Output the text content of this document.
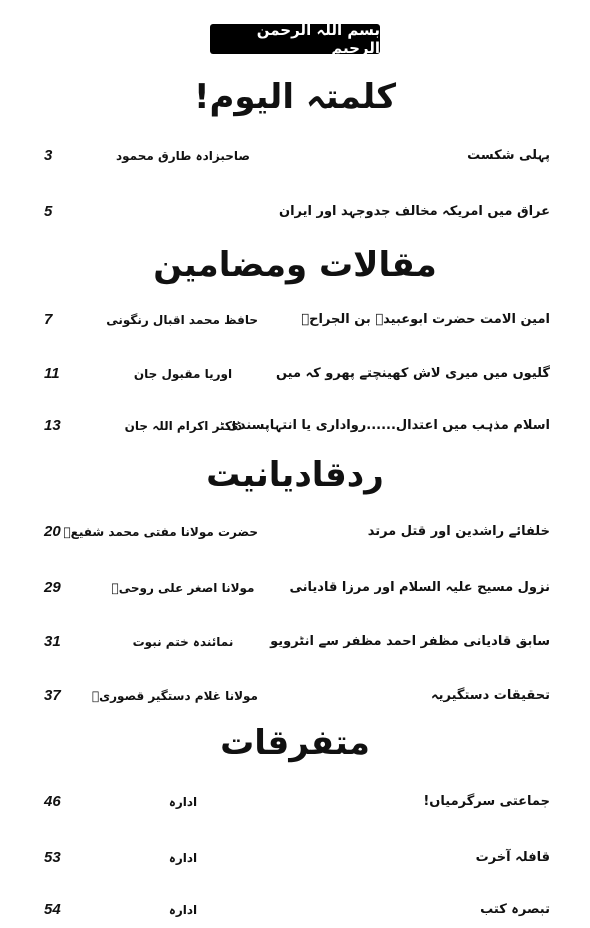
بسم اللہ الرحمن الرحیم
کلمتہ الیوم!
پہلی شکست
صاحبزادہ طارق محمود
3
عراق میں امریکہ مخالف جدوجہد اور ایران
5
مقالات ومضامین
امین الامت حضرت ابوعبیدہ بن الجراحؓ
حافظ محمد اقبال رنگونی
7
گلیوں میں میری لاش کھینچتے پھرو کہ میں
اوریا مقبول جان
11
اسلام مذہب میں اعتدال......رواداری یا انتہاپسندی
ڈاکٹر اکرام اللہ جان
13
ردقادیانیت
خلفائے راشدین اور قتل مرتد
حضرت مولانا مفتی محمد شفیعؒ
20
نزول مسیح علیہ السلام اور مرزا قادیانی
مولانا اصغر علی روحیؒ
29
سابق قادیانی مظفر احمد مظفر سے انٹرویو
نمائندہ ختم نبوت
31
تحقیقات دستگیریہ
مولانا غلام دستگیر قصوریؒ
37
متفرقات
جماعتی سرگرمیاں!
ادارہ
46
قافلہ آخرت
ادارہ
53
تبصرہ کتب
ادارہ
54
